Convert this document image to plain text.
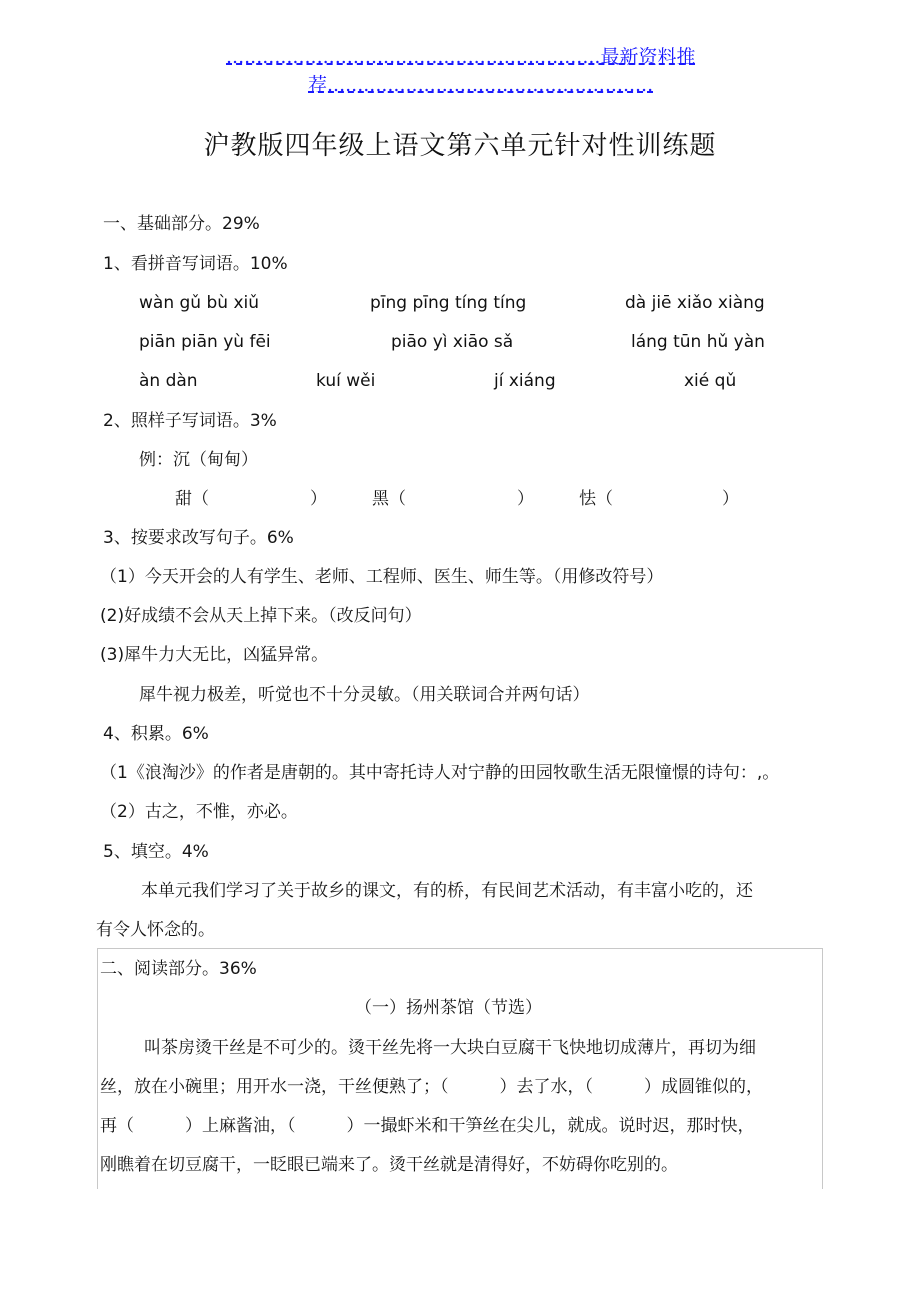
..............................................................最新资料推
荐......................................................
沪教版四年级上语文第六单元针对性训练题
一、基础部分。29%
1、看拼音写词语。10%
wàn gǔ bù xiǔ	pīng pīng tíng tíng	dà jiē xiǎo xiàng
piān piān yù fēi	piāo yì xiāo sǎ	láng tūn hǔ yàn
àn dàn	kuí wěi	jí xiáng	xié qǔ
2、照样子写词语。3%
例：沉（甸甸）
甜（	）	黑（	）	怯（	）
3、按要求改写句子。6%
（1）今天开会的人有学生、老师、工程师、医生、师生等。（用修改符号）
(2)好成绩不会从天上掉下来。（改反问句）
(3)犀牛力大无比，凶猛异常。
犀牛视力极差，听觉也不十分灵敏。（用关联词合并两句话）
4、积累。6%
（1《浪淘沙》的作者是唐朝的。其中寄托诗人对宁静的田园牧歌生活无限憧憬的诗句：,。
（2）古之，不惟，亦必。
5、填空。4%
本单元我们学习了关于故乡的课文，有的桥，有民间艺术活动，有丰富小吃的，还
有令人怀念的。
二、阅读部分。36%
（一）扬州茶馆（节选）
叫茶房烫干丝是不可少的。烫干丝先将一大块白豆腐干飞快地切成薄片，再切为细
丝，放在小碗里；用开水一浇，干丝便熟了；（　　　）去了水，（　　　）成圆锥似的，
再（　　　）上麻酱油，（　　　）一撮虾米和干笋丝在尖儿，就成。说时迟，那时快，
刚瞧着在切豆腐干，一眨眼已端来了。烫干丝就是清得好，不妨碍你吃别的。
